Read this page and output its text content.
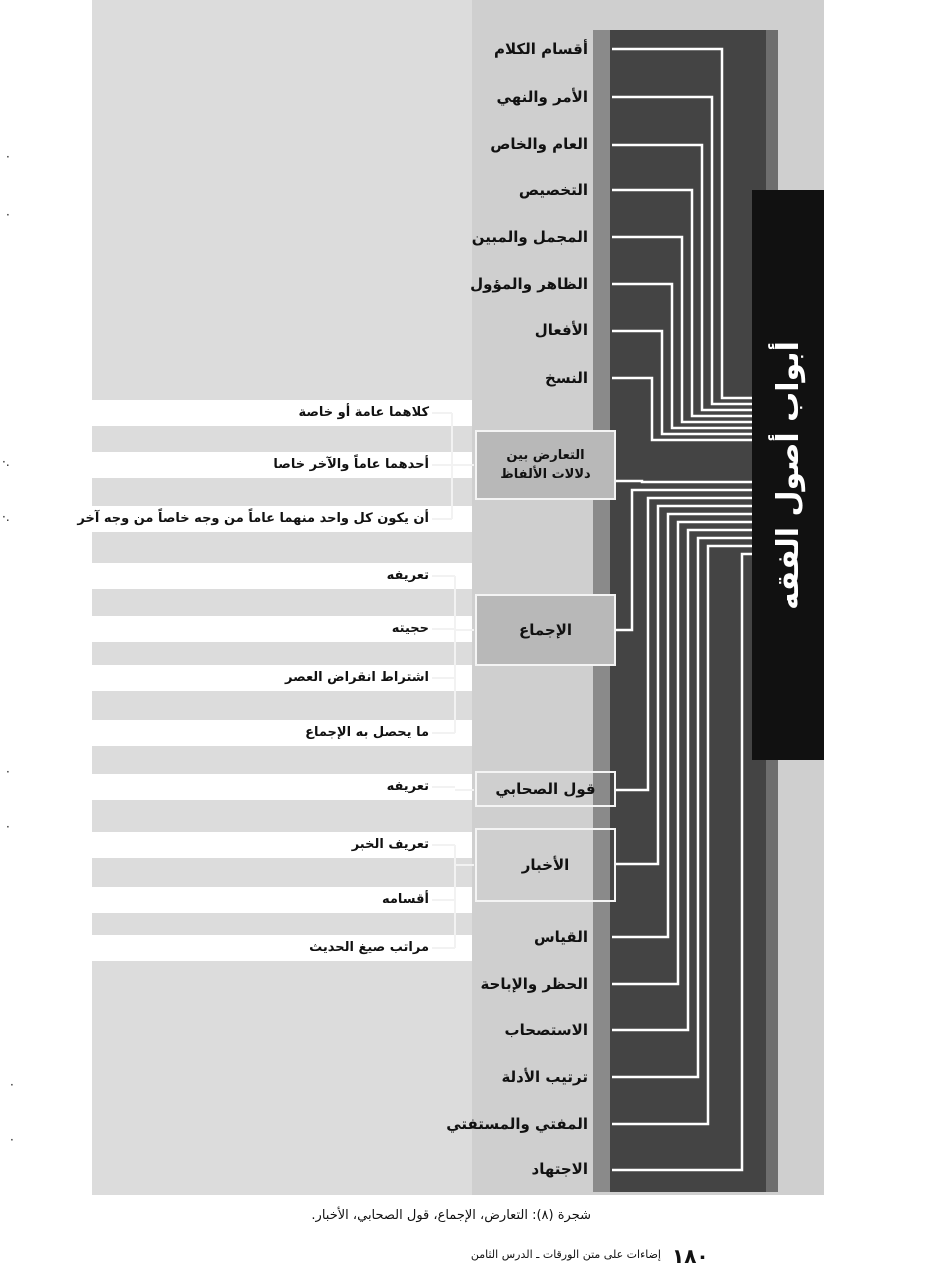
أقسام الكلام
الأمر والنهي
العام والخاص
التخصيص
المجمل والمبين
الظاهر والمؤول
الأفعال
النسخ
التعارض بين دلالات الألفاظ
الإجماع
قول الصحابي
الأخبار
القياس
الحظر والإباحة
الاستصحاب
ترتيب الأدلة
المفتي والمستفتي
الاجتهاد
كلاهما عامة أو خاصة
أحدهما عاماً والآخر خاصا
أن يكون كل واحد منهما عاماً من وجه خاصاً من وجه آخر
تعريفه
حجيته
اشتراط انقراض العصر
ما يحصل به الإجماع
تعريفه
تعريف الخبر
أقسامه
مراتب صيغ الحديث
أبواب أصول الفقه
شجرة (٨): التعارض، الإجماع، قول الصحابي، الأخبار.
١٨٠
إضاءات على متن الورقات ـ الدرس الثامن
·
·
·.
·.
·
·
·
·
